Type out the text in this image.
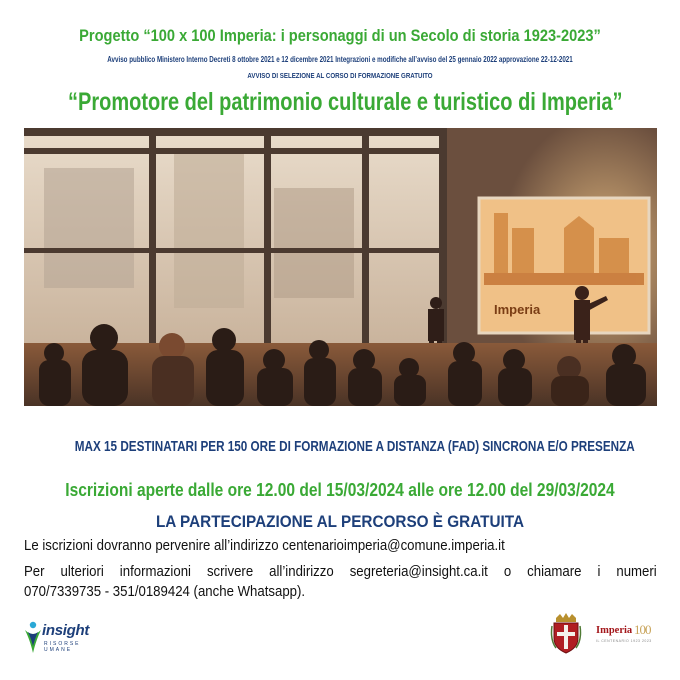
Progetto “100 x 100 Imperia: i personaggi di un Secolo di storia 1923-2023”
Avviso pubblico Ministero Interno Decreti 8 ottobre 2021 e 12 dicembre 2021 Integrazioni e modifiche all’avviso del 25 gennaio 2022 approvazione 22-12-2021
AVVISO DI SELEZIONE AL CORSO DI FORMAZIONE GRATUITO
“Promotore del patrimonio culturale e turistico di Imperia”
Imperia
MAX 15 DESTINATARI PER 150 ORE DI FORMAZIONE A DISTANZA (FAD) SINCRONA E/O PRESENZA
Iscrizioni aperte dalle ore 12.00 del 15/03/2024 alle ore 12.00 del 29/03/2024
LA PARTECIPAZIONE AL PERCORSO È GRATUITA
Le iscrizioni dovranno pervenire all’indirizzo centenarioimperia@comune.imperia.it
Per ulteriori informazioni scrivere all’indirizzo segreteria@insight.ca.it o chiamare i numeri
070/7339735 - 351/0189424 (anche Whatsapp).
insight
RISORSE UMANE
Imperia 100
IL CENTENARIO 1923 2023
